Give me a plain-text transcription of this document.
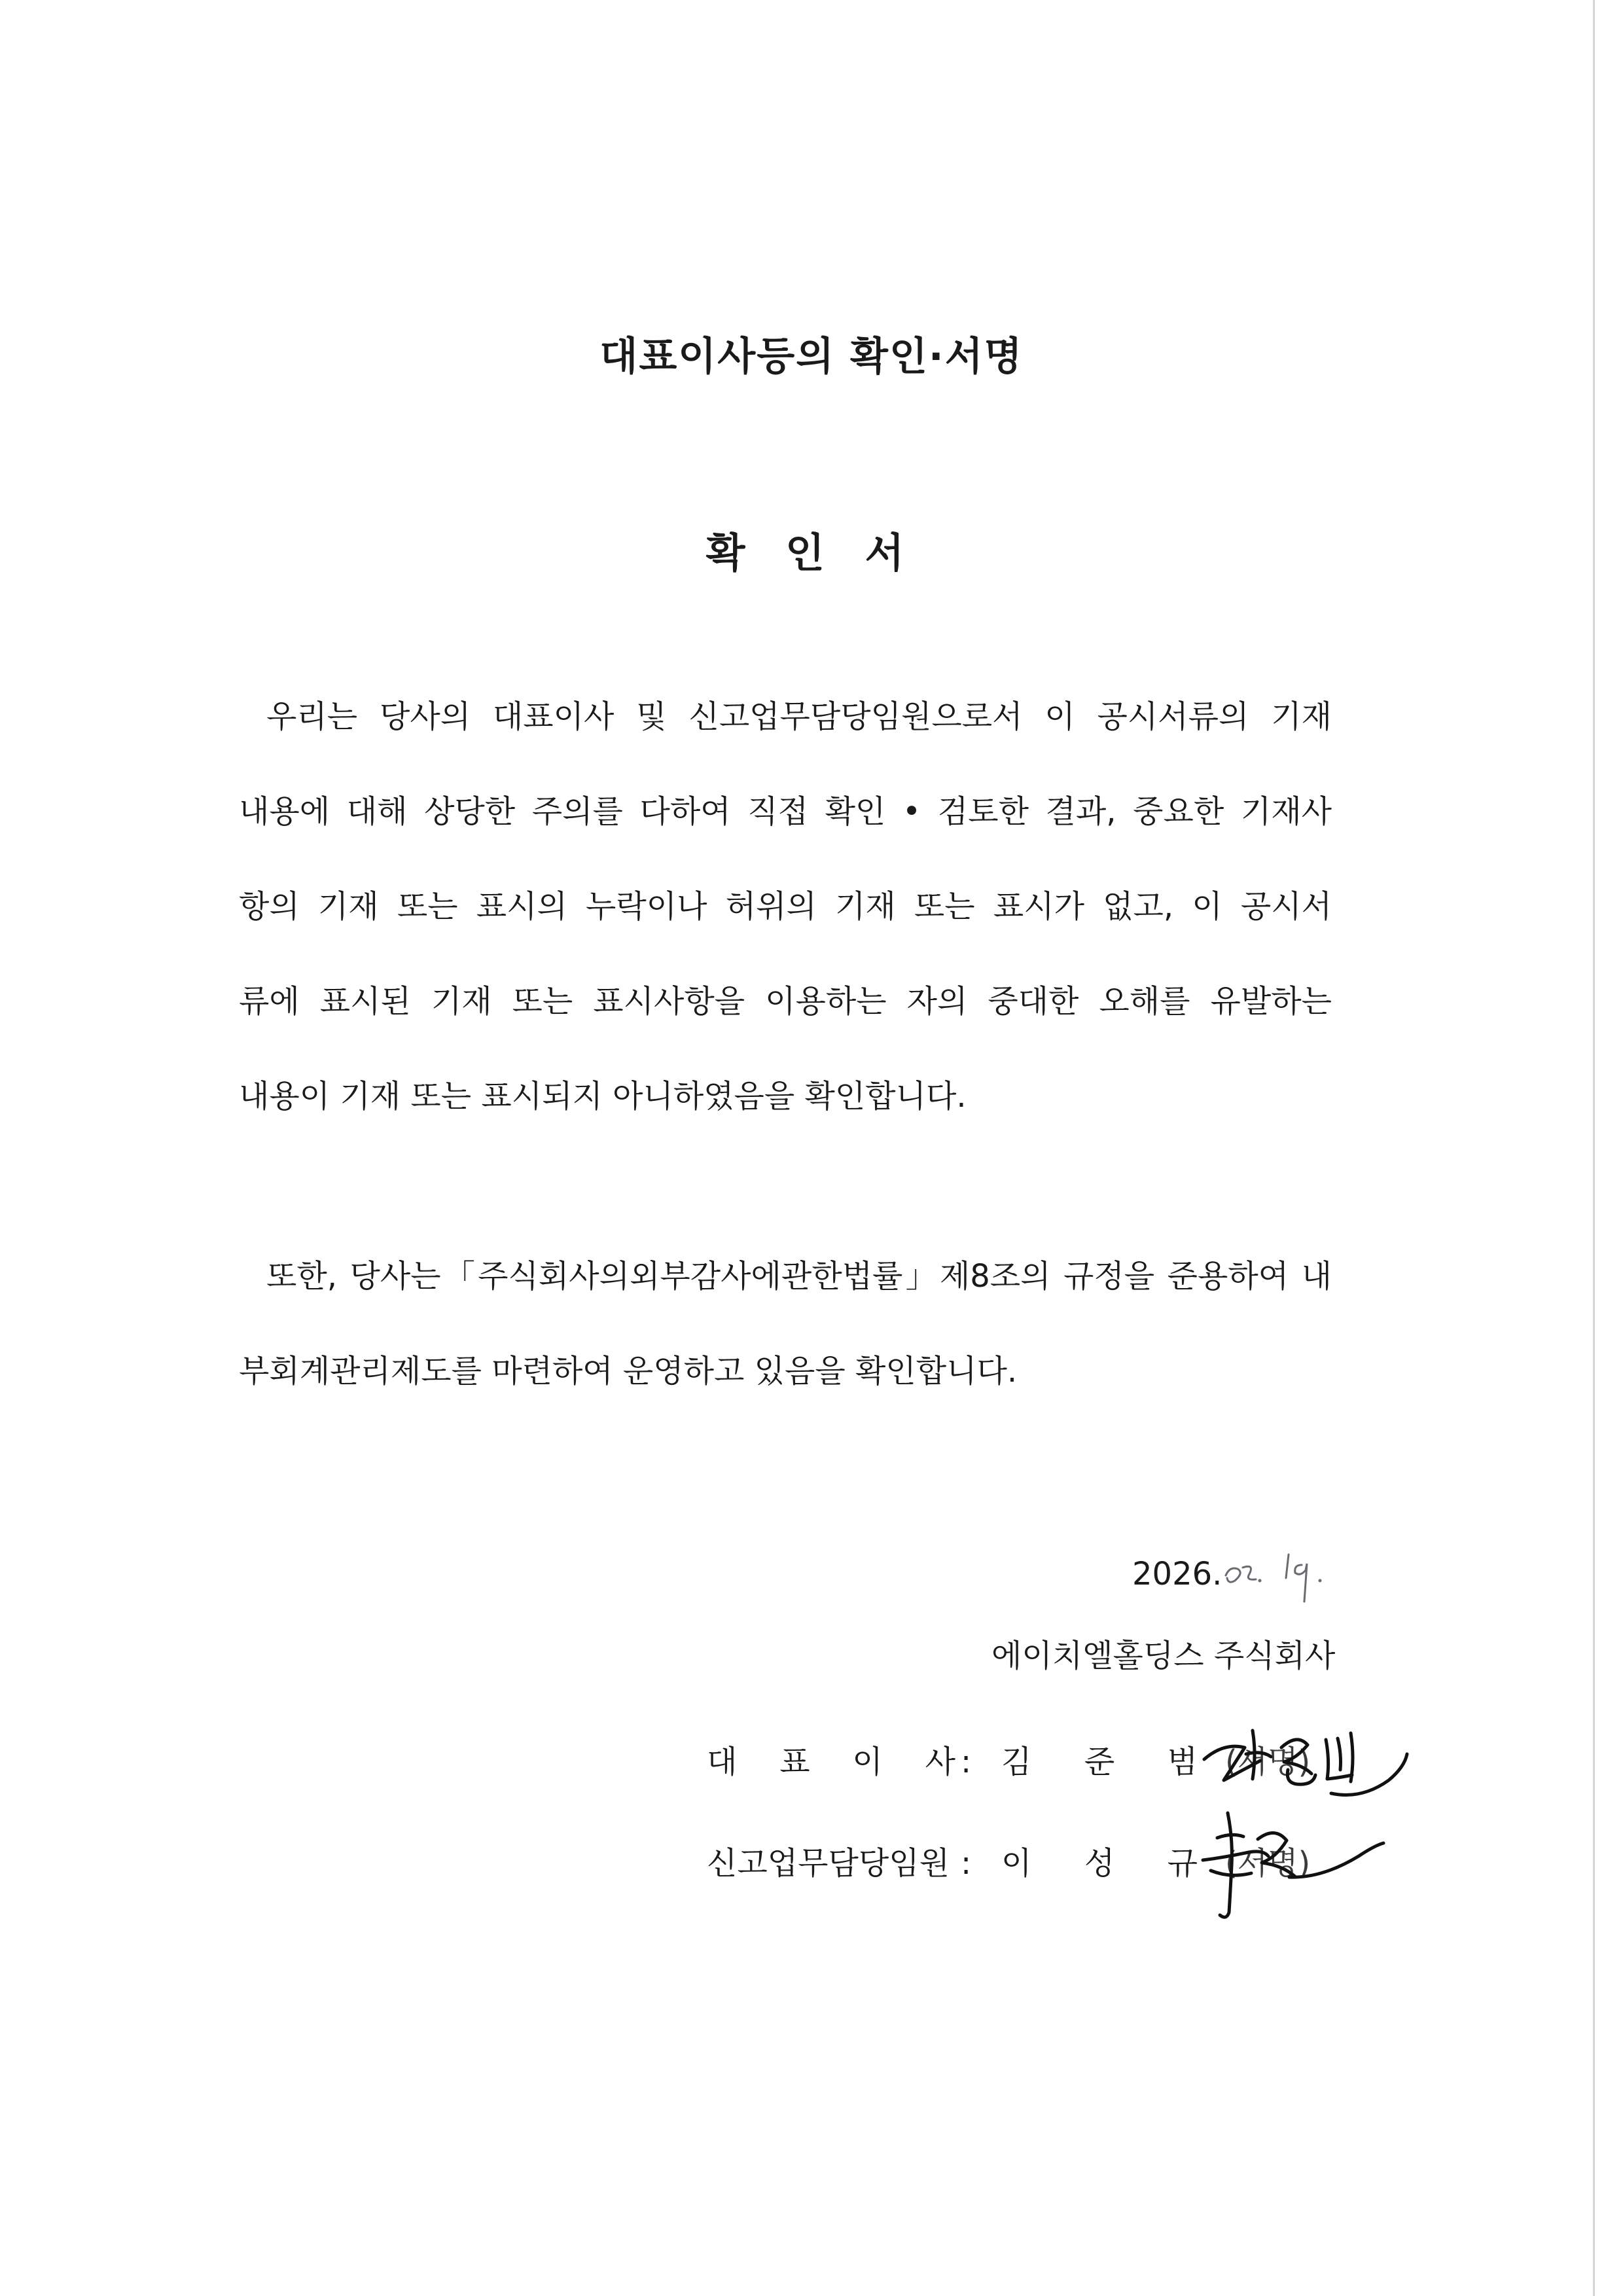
대표이사등의 확인·서명
확 인 서
우리는 당사의 대표이사 및 신고업무담당임원으로서 이 공시서류의 기재
내용에 대해 상당한 주의를 다하여 직접 확인 • 검토한 결과, 중요한 기재사
항의 기재 또는 표시의 누락이나 허위의 기재 또는 표시가 없고, 이 공시서
류에 표시된 기재 또는 표시사항을 이용하는 자의 중대한 오해를 유발하는
내용이 기재 또는 표시되지 아니하였음을 확인합니다.
또한, 당사는「주식회사의외부감사에관한법률」제8조의 규정을 준용하여 내
부회계관리제도를 마련하여 운영하고 있음을 확인합니다.
2026.
에이치엘홀딩스 주식회사
대 표 이 사 : 김 준 범 (서명)
신고업무담당임원 : 이 성 규 (서명)
